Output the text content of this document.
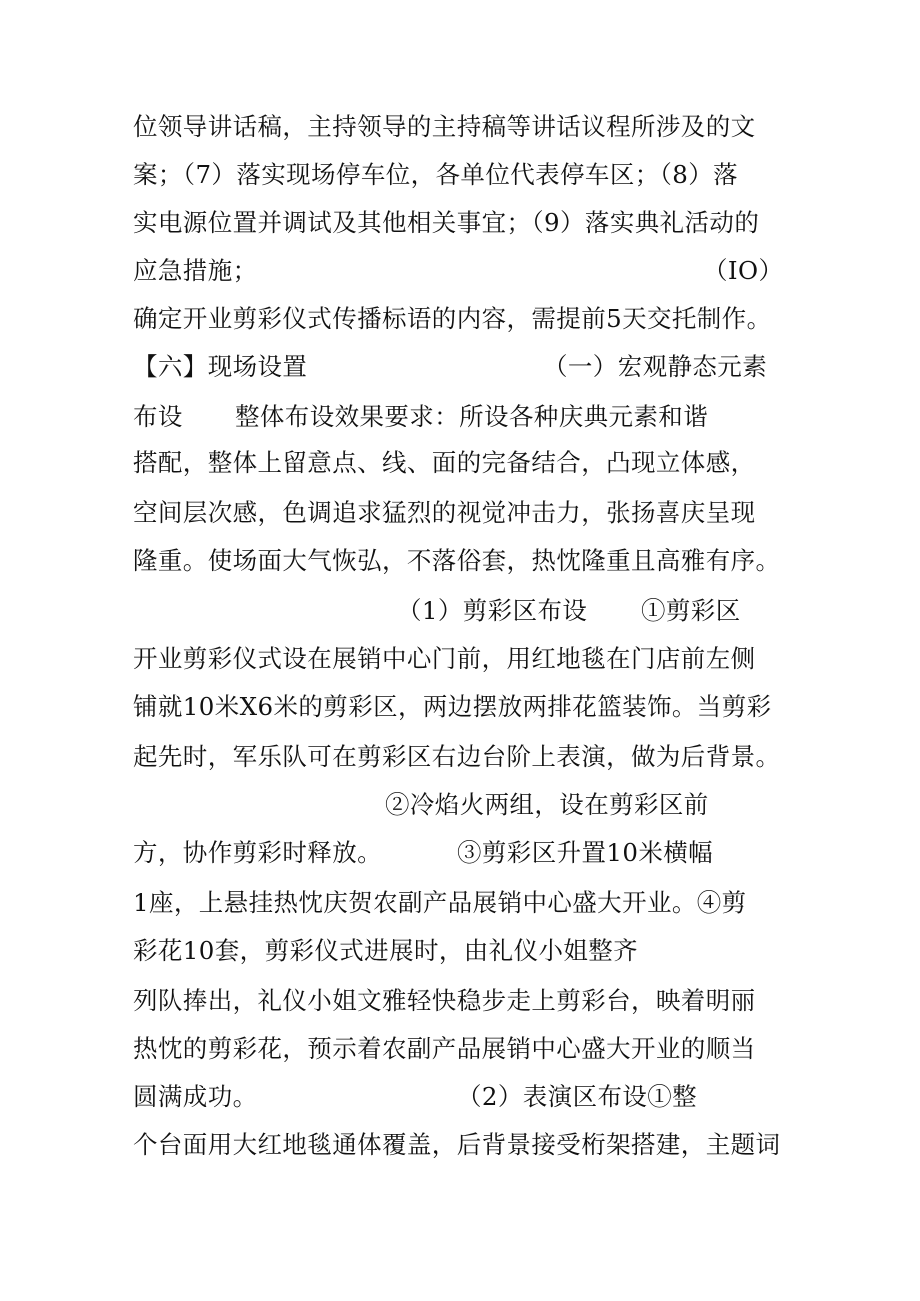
位领导讲话稿，主持领导的主持稿等讲话议程所涉及的文
案；（7）落实现场停车位，各单位代表停车区；（8）落
实电源位置并调试及其他相关事宜；（9）落实典礼活动的
应急措施；	（IO）
确定开业剪彩仪式传播标语的内容，需提前5天交托制作。
【六】现场设置	（一）宏观静态元素
布设 整体布设效果要求：所设各种庆典元素和谐
搭配，整体上留意点、线、面的完备结合，凸现立体感，
空间层次感，色调追求猛烈的视觉冲击力，张扬喜庆呈现
隆重。使场面大气恢弘，不落俗套，热忱隆重且高雅有序。
（1）剪彩区布设 ①剪彩区
开业剪彩仪式设在展销中心门前，用红地毯在门店前左侧
铺就10米X6米的剪彩区，两边摆放两排花篮装饰。当剪彩
起先时，军乐队可在剪彩区右边台阶上表演，做为后背景。
②冷焰火两组，设在剪彩区前
方，协作剪彩时释放。	③剪彩区升置10米横幅
1座，上悬挂热忱庆贺农副产品展销中心盛大开业。④剪
彩花10套，剪彩仪式进展时，由礼仪小姐整齐
列队捧出，礼仪小姐文雅轻快稳步走上剪彩台，映着明丽
热忱的剪彩花，预示着农副产品展销中心盛大开业的顺当
圆满成功。	（2）表演区布设①整
个台面用大红地毯通体覆盖，后背景接受桁架搭建，主题词
